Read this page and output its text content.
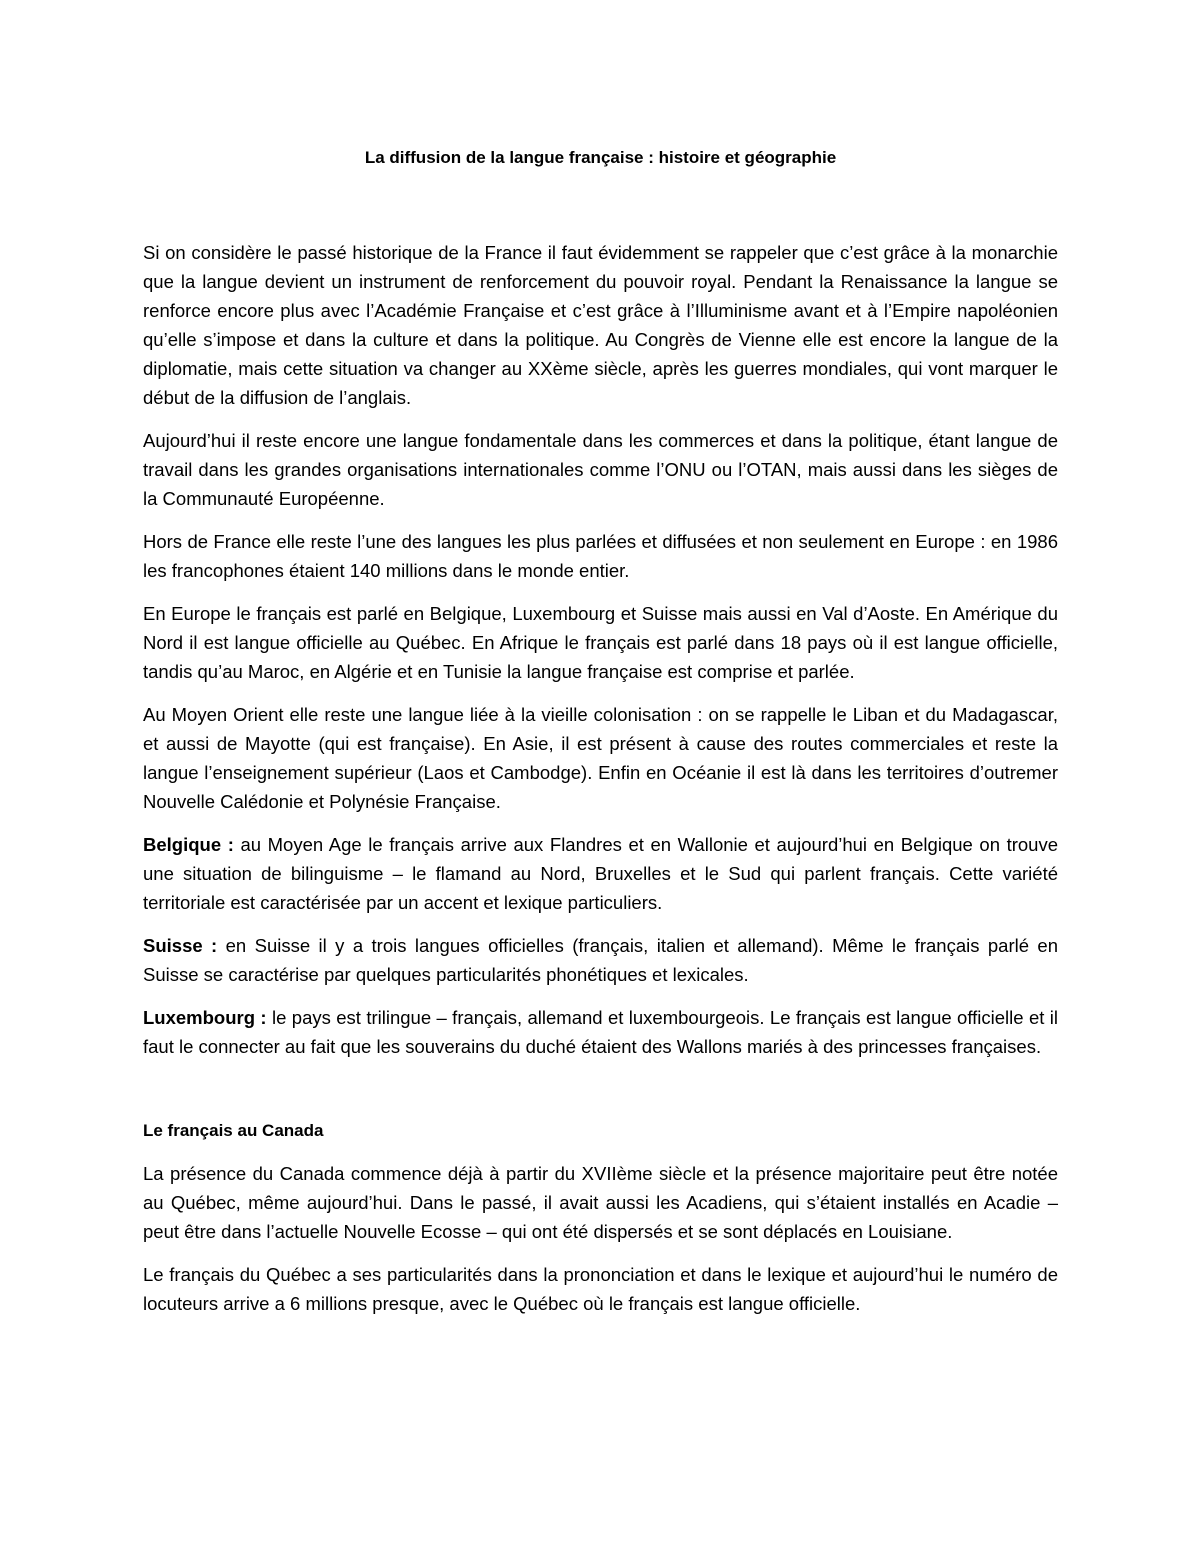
La diffusion de la langue française : histoire et géographie

Si on considère le passé historique de la France il faut évidemment se rappeler que c’est grâce à la monarchie que la langue devient un instrument de renforcement du pouvoir royal. Pendant la Renaissance la langue se renforce encore plus avec l’Académie Française et c’est grâce à l’Illuminisme avant et à l’Empire napoléonien qu’elle s’impose et dans la culture et dans la politique. Au Congrès de Vienne elle est encore la langue de la diplomatie, mais cette situation va changer au XXème siècle, après les guerres mondiales, qui vont marquer le début de la diffusion de l’anglais.

Aujourd’hui il reste encore une langue fondamentale dans les commerces et dans la politique, étant langue de travail dans les grandes organisations internationales comme l’ONU ou l’OTAN, mais aussi dans les sièges de la Communauté Européenne.

Hors de France elle reste l’une des langues les plus parlées et diffusées et non seulement en Europe : en 1986 les francophones étaient 140 millions dans le monde entier.

En Europe le français est parlé en Belgique, Luxembourg et Suisse mais aussi en Val d’Aoste. En Amérique du Nord il est langue officielle au Québec. En Afrique le français est parlé dans 18 pays où il est langue officielle, tandis qu’au Maroc, en Algérie et en Tunisie la langue française est comprise et parlée.

Au Moyen Orient elle reste une langue liée à la vieille colonisation : on se rappelle le Liban et du Madagascar, et aussi de Mayotte (qui est française). En Asie, il est présent à cause des routes commerciales et reste la langue l’enseignement supérieur (Laos et Cambodge). Enfin en Océanie il est là dans les territoires d’outremer Nouvelle Calédonie et Polynésie Française.

Belgique : au Moyen Age le français arrive aux Flandres et en Wallonie et aujourd’hui en Belgique on trouve une situation de bilinguisme – le flamand au Nord, Bruxelles et le Sud qui parlent français. Cette variété territoriale est caractérisée par un accent et lexique particuliers.

Suisse : en Suisse il y a trois langues officielles (français, italien et allemand). Même le français parlé en Suisse se caractérise par quelques particularités phonétiques et lexicales.

Luxembourg : le pays est trilingue – français, allemand et luxembourgeois. Le français est langue officielle et il faut le connecter au fait que les souverains du duché étaient des Wallons mariés à des princesses françaises.

Le français au Canada

La présence du Canada commence déjà à partir du XVIIème siècle et la présence majoritaire peut être notée au Québec, même aujourd’hui. Dans le passé, il avait aussi les Acadiens, qui s’étaient installés en Acadie – peut être dans l’actuelle Nouvelle Ecosse – qui ont été dispersés et se sont déplacés en Louisiane.

Le français du Québec a ses particularités dans la prononciation et dans le lexique et aujourd’hui le numéro de locuteurs arrive a 6 millions presque, avec le Québec où le français est langue officielle.
